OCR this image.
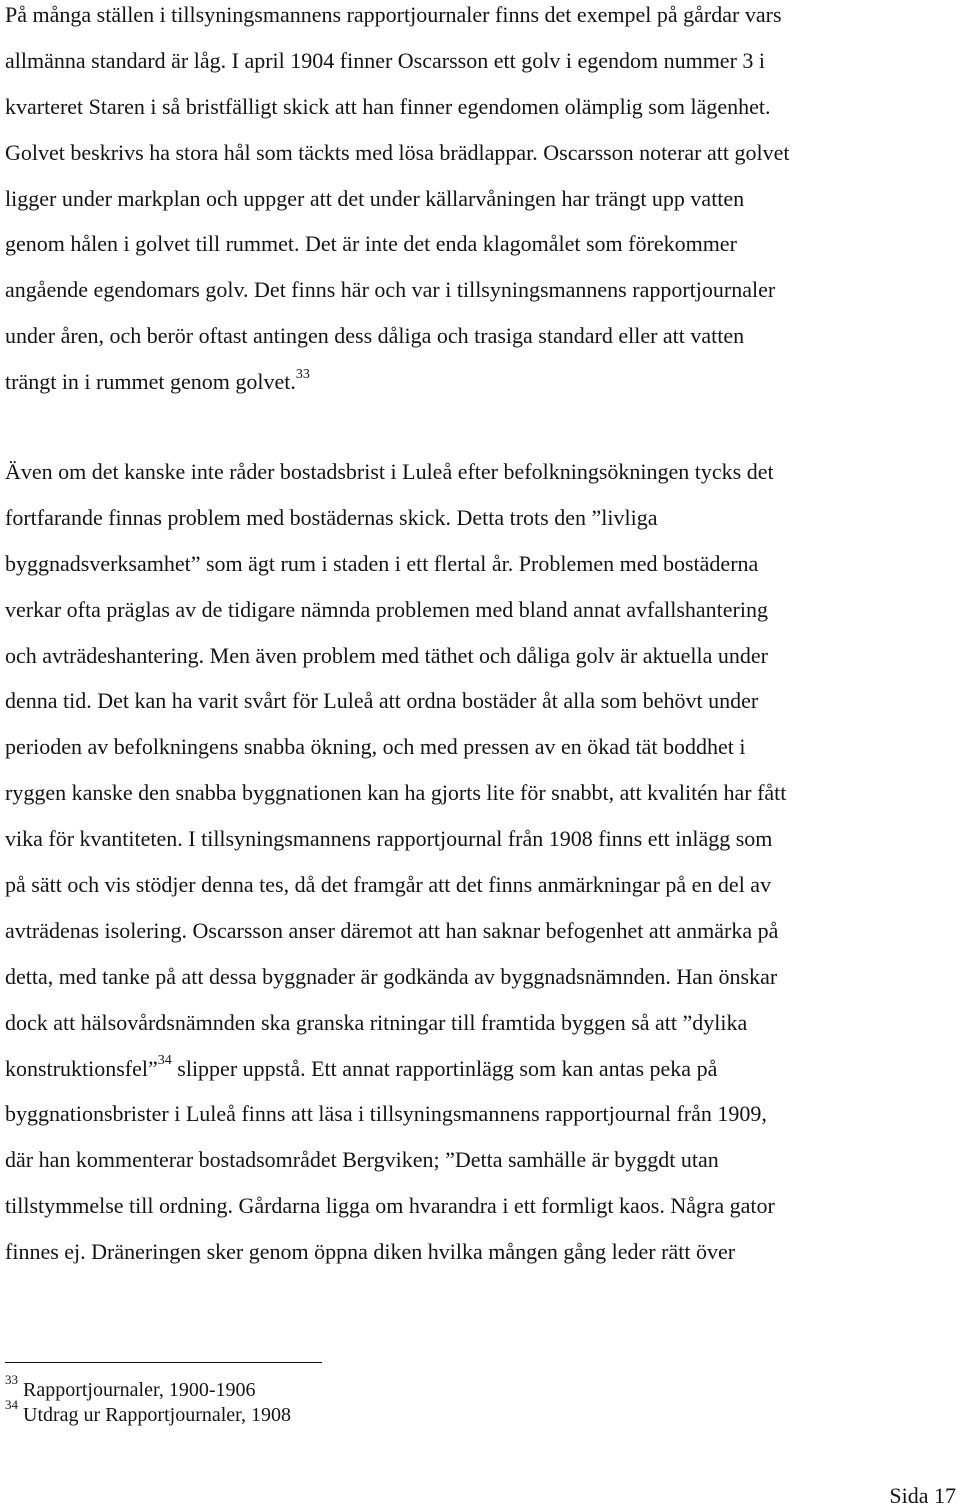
På många ställen i tillsyningsmannens rapportjournaler finns det exempel på gårdar vars
allmänna standard är låg. I april 1904 finner Oscarsson ett golv i egendom nummer 3 i
kvarteret Staren i så bristfälligt skick att han finner egendomen olämplig som lägenhet.
Golvet beskrivs ha stora hål som täckts med lösa brädlappar. Oscarsson noterar att golvet
ligger under markplan och uppger att det under källarvåningen har trängt upp vatten
genom hålen i golvet till rummet. Det är inte det enda klagomålet som förekommer
angående egendomars golv. Det finns här och var i tillsyningsmannens rapportjournaler
under åren, och berör oftast antingen dess dåliga och trasiga standard eller att vatten
trängt in i rummet genom golvet.$^{33}$

Även om det kanske inte råder bostadsbrist i Luleå efter befolkningsökningen tycks det
fortfarande finnas problem med bostädernas skick. Detta trots den ”livliga
byggnadsverksamhet” som ägt rum i staden i ett flertal år. Problemen med bostäderna
verkar ofta präglas av de tidigare nämnda problemen med bland annat avfallshantering
och avträdeshantering. Men även problem med täthet och dåliga golv är aktuella under
denna tid. Det kan ha varit svårt för Luleå att ordna bostäder åt alla som behövt under
perioden av befolkningens snabba ökning, och med pressen av en ökad tät boddhet i
ryggen kanske den snabba byggnationen kan ha gjorts lite för snabbt, att kvalitén har fått
vika för kvantiteten. I tillsyningsmannens rapportjournal från 1908 finns ett inlägg som
på sätt och vis stödjer denna tes, då det framgår att det finns anmärkningar på en del av
avträdenas isolering. Oscarsson anser däremot att han saknar befogenhet att anmärka på
detta, med tanke på att dessa byggnader är godkända av byggnadsnämnden. Han önskar
dock att hälsovårdsnämnden ska granska ritningar till framtida byggen så att ”dylika
konstruktionsfel”$^{34}$ slipper uppstå. Ett annat rapportinlägg som kan antas peka på
byggnationsbrister i Luleå finns att läsa i tillsyningsmannens rapportjournal från 1909,
där han kommenterar bostadsområdet Bergviken; ”Detta samhälle är byggdt utan
tillstymmelse till ordning. Gårdarna ligga om hvarandra i ett formligt kaos. Några gator
finnes ej. Dräneringen sker genom öppna diken hvilka mången gång leder rätt över

$^{33}$ Rapportjournaler, 1900-1906
$^{34}$ Utdrag ur Rapportjournaler, 1908
Sida 17
